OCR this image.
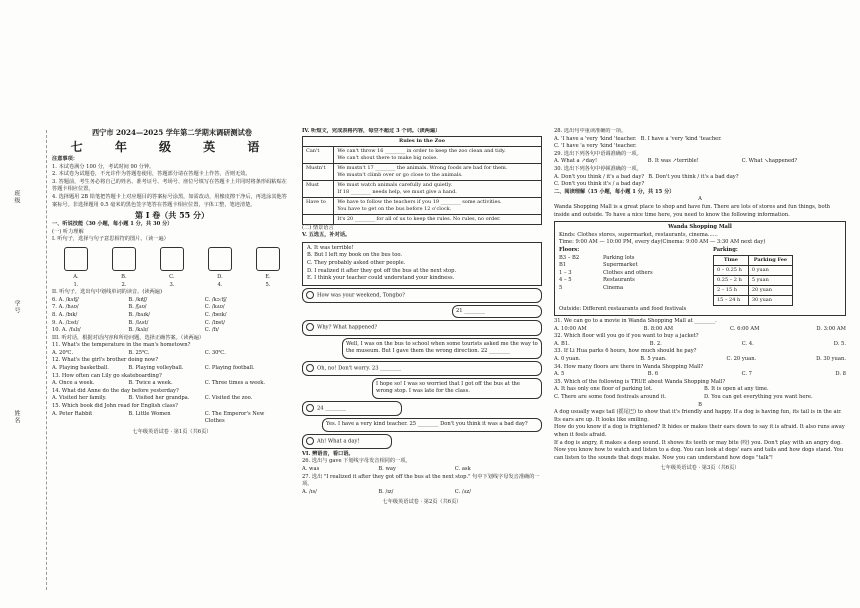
班级
学号
姓名
西宁市 2024—2025 学年第二学期末调研测试卷
七 年 级 英 语
注意事项：
1. 本试卷满分 100 分，考试时间 90 分钟。
2. 本试卷为试题卷，不允许作为答题卷使用，答题部分请在答题卡上作答，否则无效。
3. 答题前，考生务必将自己的姓名、准考证号、考场号、座位号填写在答题卡上并同时将条形码粘贴在答题卡相应位置。
4. 选择题用 2B 铅笔把答题卡上对应题目的答案标号涂黑，如需改动，用橡皮擦干净后，再选涂其他答案标号。非选择题用 0.5 毫米的黑色签字笔答在答题卡相应位置，字体工整，笔迹清楚。
第 I 卷（共 55 分）
一、听说技能（30 小题，每小题 1 分，共 30 分）
(一) 听力理解
I. 听句子，选择与句子意思相符的图片。（读一遍）
A.	B.	C.	D.	E.
1.	2.	3.	4.	5.
II. 听句子，选出句中划线单词的读音。(读两遍)
6. A. /kʌtʃ/	B. /kɪtʃ/	C. /kɔːtʃ/
7. A. /hʌʊ/	B. /ʃʌʊ/	C. /kʌʊ/
8. A. /bɪk/	B. /bʌɪk/	C. /beɪk/
9. A. /lɔst/	B. /lʌst/	C. /lɒst/
10. A. /fʌlɪ/	B. /kʌlɪ/	C. /fɪ/
III. 听对话，根据对话内容和所给问题，选择正确答案。（读两遍）
11. What's the temperature in the man's hometown?
A. 20℃.	B. 25℃.	C. 30℃.
12. What's the girl's brother doing now?
A. Playing basketball.	B. Playing volleyball.	C. Playing football.
13. How often can Lily go skateboarding?
A. Once a week.	B. Twice a week.	C. Three times a week.
14. What did Anne do the day before yesterday?
A. Visited her family.	B. Visited her grandpa.	C. Visited the zoo.
15. Which book did John read for English class?
A. Peter Rabbit	B. Little Women	C. The Emperor's New Clothes
七年级英语试卷 · 第1页（共6页）
IV. 听短文，完成表格内容，每空不超过 3 个词。（读两遍）
Rules in the Zoo	
Can't	We can't throw 16 ________ in order to keep the zoo clean and tidy.
We can't shout there to make big noise.

Mustn't	We mustn't 17 ________ the animals. Wrong foods are bad for them.
We mustn't climb over or go close to the animals.

Must	We must watch animals carefully and quietly.
If 18 ________ needs help, we must give a hand.

Have to	We have to follow the teachers if you 19 ________ some activities.
You have to get on the bus before 12 o'clock.

	It's 20 ________ for all of us to keep the rules. No rules, no order.
(二) 情景语言
V. 五选五，补对话。
A. It was terrible!
B. But I left my book on the bus too.
C. They probably asked other people.
D. I realized it after they got off the bus at the next stop.
E. I think your teacher could understand your kindness.
How was your weekend, Tongbo?
21 ________
Why? What happened?
Well, I was on the bus to school when some tourists asked me the way to the museum. But I gave them the wrong direction. 22 ________
Oh, no! Don't worry. 23 ________
I hope so! I was so worried that I got off the bus at the wrong stop. I was late for the class.
24 ________
Yes. I have a very kind teacher. 25 ________ Don't you think it was a bad day?
Ah! What a day!
VI. 辨语音，看口语。
26. 选出与 gave 下划线字母发音相同的一项。
A. was	B. way	C. ask
27. 选出 "I realized it after they got off the bus at the next stop." 句中下划线字母发音准确的一项。
A. /ɪs/	B. /ɪz/	C. /ʌz/
七年级英语试卷 · 第2页（共6页）
28. 选出句中重读准确的一项。
A. 'I have a 'very 'kind 'teacher. B. I have a 'very 'kind 'teacher.
C. 'I have 'a very 'kind 'teacher.
29. 选出下列各句中语调准确的一项。
A. What a ↗day!	B. It was ↗terrible!	C. What ↘happened?
30. 选出下列各句中停顿准确的一项。
A. Don't you think / it's a bad day? B. Don't you think / it's a bad day?
C. Don't you think it's / a bad day?
二、阅读理解（15 小题，每小题 1 分，共 15 分）
A
Wanda Shopping Mall is a great place to shop and have fun. There are lots of stores and fun things, both inside and outside. To have a nice time here, you need to know the following information.
Wanda Shopping Mall
Kinds: Clothes stores, supermarket, restaurants, cinema......
Time: 9:00 AM — 10:00 PM, every day(Cinema: 9:00 AM — 3:30 AM next day)
Floors:
B3 – B2	Parking lots
B1	Supermarket
1 – 3	Clothes and others
4 – 5	Restaurants
5	Cinema
Parking:
Time	Parking Fee
0 – 0.25 h	0 yuan
0.25 – 2 h	5 yuan
2 – 15 h	20 yuan
15 – 24 h	30 yuan
Outside: Different restaurants and food festivals
31. We can go to a movie in Wanda Shopping Mall at ________.
A. 10:00 AM	B. 8:00 AM	C. 6:00 AM	D. 3:00 AM
32. Which floor will you go if you want to buy a jacket?
A. B1.	B. 2.	C. 4.	D. 5.
33. If Li Hua parks 6 hours, how much should he pay?
A. 0 yuan.	B. 5 yuan.	C. 20 yuan.	D. 30 yuan.
34. How many floors are there in Wanda Shopping Mall?
A. 5	B. 6	C. 7	D. 8
35. Which of the following is TRUE about Wanda Shopping Mall?
A. It has only one floor of parking lot.	B. It is open at any time.
C. There are some food festivals around it.	D. You can get everything you want here.
B
A dog usually wags tail (摇尾巴) to show that it's friendly and happy. If a dog is having fun, its tail is in the air. Its ears are up. It looks like smiling.
How do you know if a dog is frightened? It hides or makes their ears down to say it is afraid. It also runs away when it feels afraid.
If a dog is angry, it makes a deep sound. It shows its teeth or may bite (咬) you. Don't play with an angry dog.
Now you know how to watch and listen to a dog. You can look at dogs' ears and tails and how dogs stand. You can listen to the sounds that dogs make. Now you can understand how dogs "talk"!
七年级英语试卷 · 第3页（共6页）
